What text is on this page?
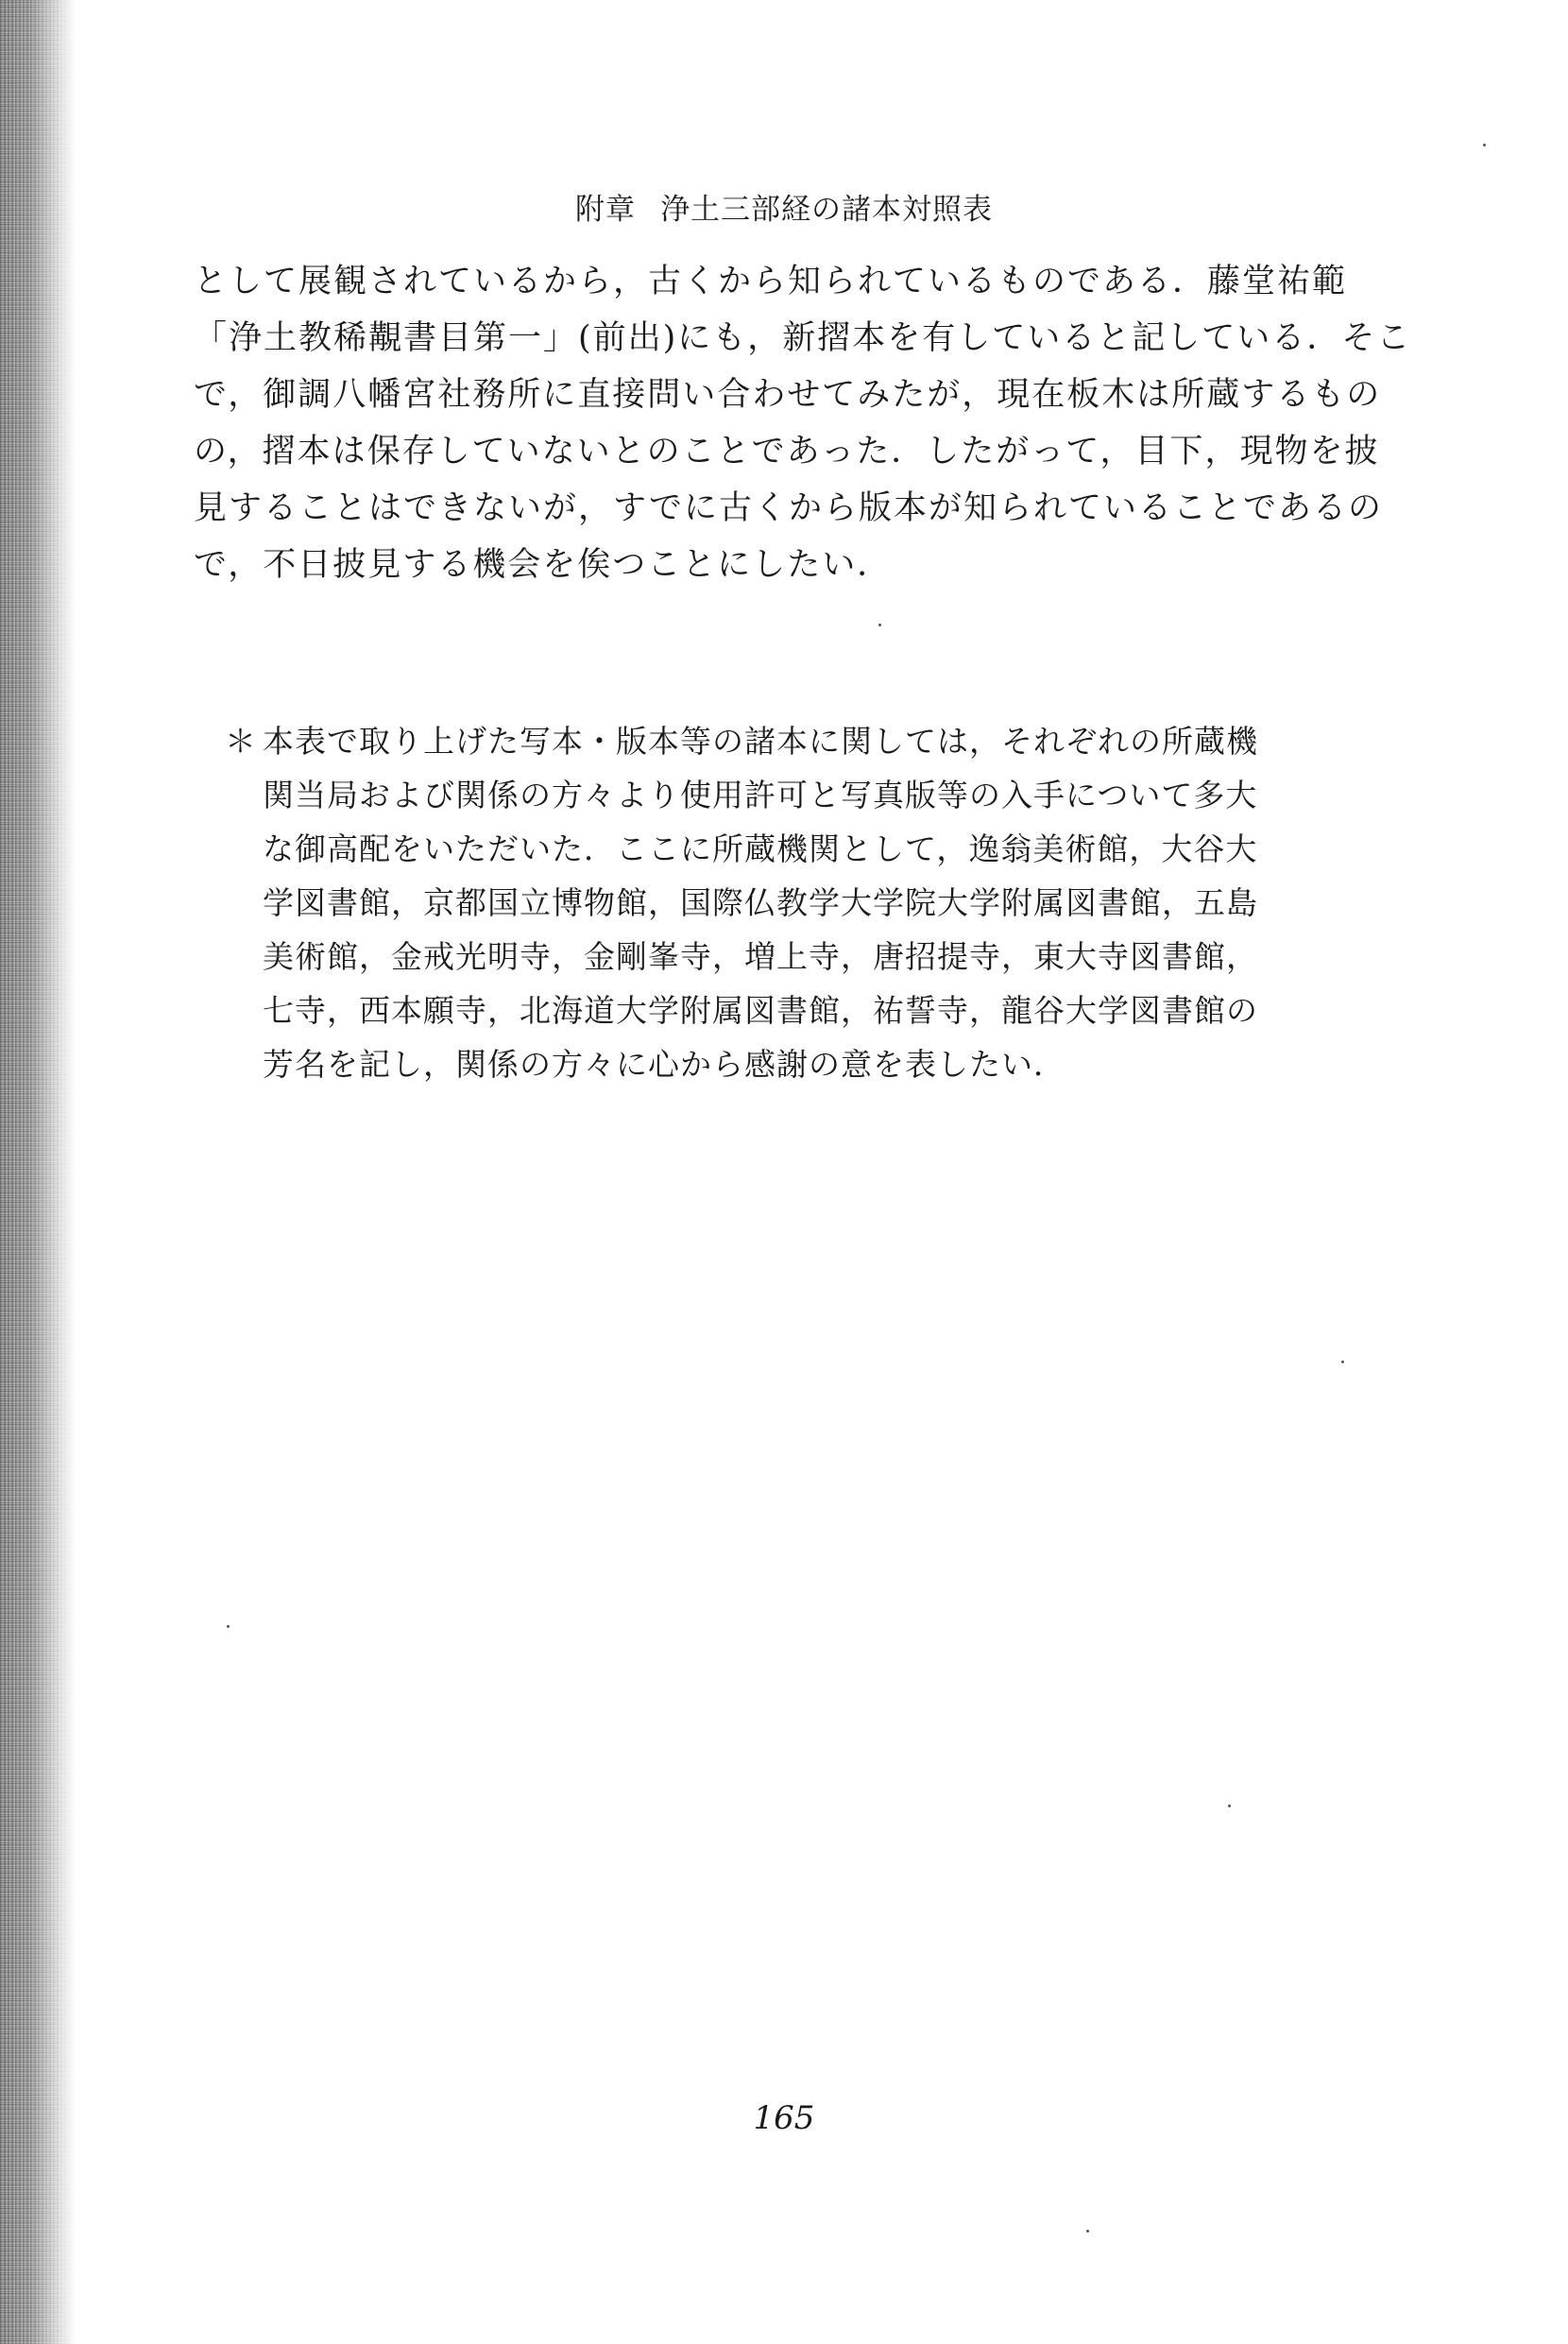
附章 浄土三部経の諸本対照表
として展観されているから，古くから知られているものである．藤堂祐範
「浄土教稀覯書目第一」(前出)にも，新摺本を有していると記している．そこ
で，御調八幡宮社務所に直接問い合わせてみたが，現在板木は所蔵するもの
の，摺本は保存していないとのことであった．したがって，目下，現物を披
見することはできないが，すでに古くから版本が知られていることであるの
で，不日披見する機会を俟つことにしたい．
＊ 本表で取り上げた写本・版本等の諸本に関しては，それぞれの所蔵機
関当局および関係の方々より使用許可と写真版等の入手について多大
な御高配をいただいた．ここに所蔵機関として，逸翁美術館，大谷大
学図書館，京都国立博物館，国際仏教学大学院大学附属図書館，五島
美術館，金戒光明寺，金剛峯寺，増上寺，唐招提寺，東大寺図書館，
七寺，西本願寺，北海道大学附属図書館，祐誓寺，龍谷大学図書館の
芳名を記し，関係の方々に心から感謝の意を表したい．
165
